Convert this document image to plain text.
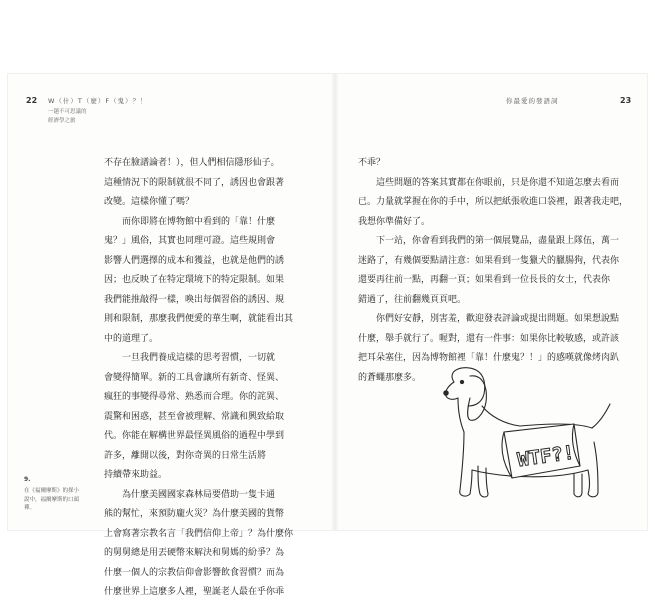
22 W（什）T（麼）F（鬼）？！
一趟不可思議的
經濟學之旅
不存在臉譜論者！），但人們相信隱形仙子。
這種情況下的限制就很不同了，誘因也會跟著
改變。這樣你懂了嗎？
　　而你即將在博物館中看到的「靠！什麼
鬼？」風俗，其實也同理可證。這些規則會
影響人們選擇的成本和獲益，也就是他們的誘
因；也反映了在特定環境下的特定限制。如果
我們能推敲得一樣，喚出每個習俗的誘因、規
則和限制，那麼我們便愛的華生啊，就能看出其
中的道理了。
　　一旦我們養成這樣的思考習慣，一切就
會變得簡單。新的工具會讓所有新奇、怪異、
瘋狂的事變得尋常、熟悉而合理。你的詫異、
震驚和困惑，甚至會被理解、常識和興致給取
代。你能在解構世界最怪異風俗的過程中學到
許多，離開以後，對你奇異的日常生活將
持續帶來助益。
　　為什麼美國國家森林局要借助一隻卡通
熊的幫忙，來預防龐火災？為什麼美國的貨幣
上會寫著宗教名言「我們信仰上帝」？為什麼你
的舅舅總是用丟硬幣來解決和舅媽的紛爭？為
什麼一個人的宗教信仰會影響飲食習慣？而為
什麼世界上這麼多人裡，聖誕老人最在乎你乖
9.
在《福爾摩斯》的探小
說中，福爾摩斯的口頭
禪。
你最愛的發語詞	23
不乖？
　　這些問題的答案其實都在你眼前，只是你還不知道怎麼去看而
已。力量就掌握在你的手中，所以把紙張收進口袋裡，跟著我走吧，
我想你準備好了。
　　下一站，你會看到我們的第一個展覽品，盡量跟上隊伍，萬一
迷路了，有幾個要點請注意：如果看到一隻獵犬的臘腸狗，代表你
還要再往前一點，再翻一頁；如果看到一位長長的女士，代表你
錯過了，往前翻幾頁頁吧。
　　你們好安靜，別害羞，歡迎發表評論或提出問題。如果想說點
什麼，舉手就行了。喔對，還有一件事：如果你比較敏感，或許該
把耳朵塞住，因為博物館裡「靠！什麼鬼？！」的感嘆就像烤肉趴
的蒼蠅那麼多。
WTF?!
